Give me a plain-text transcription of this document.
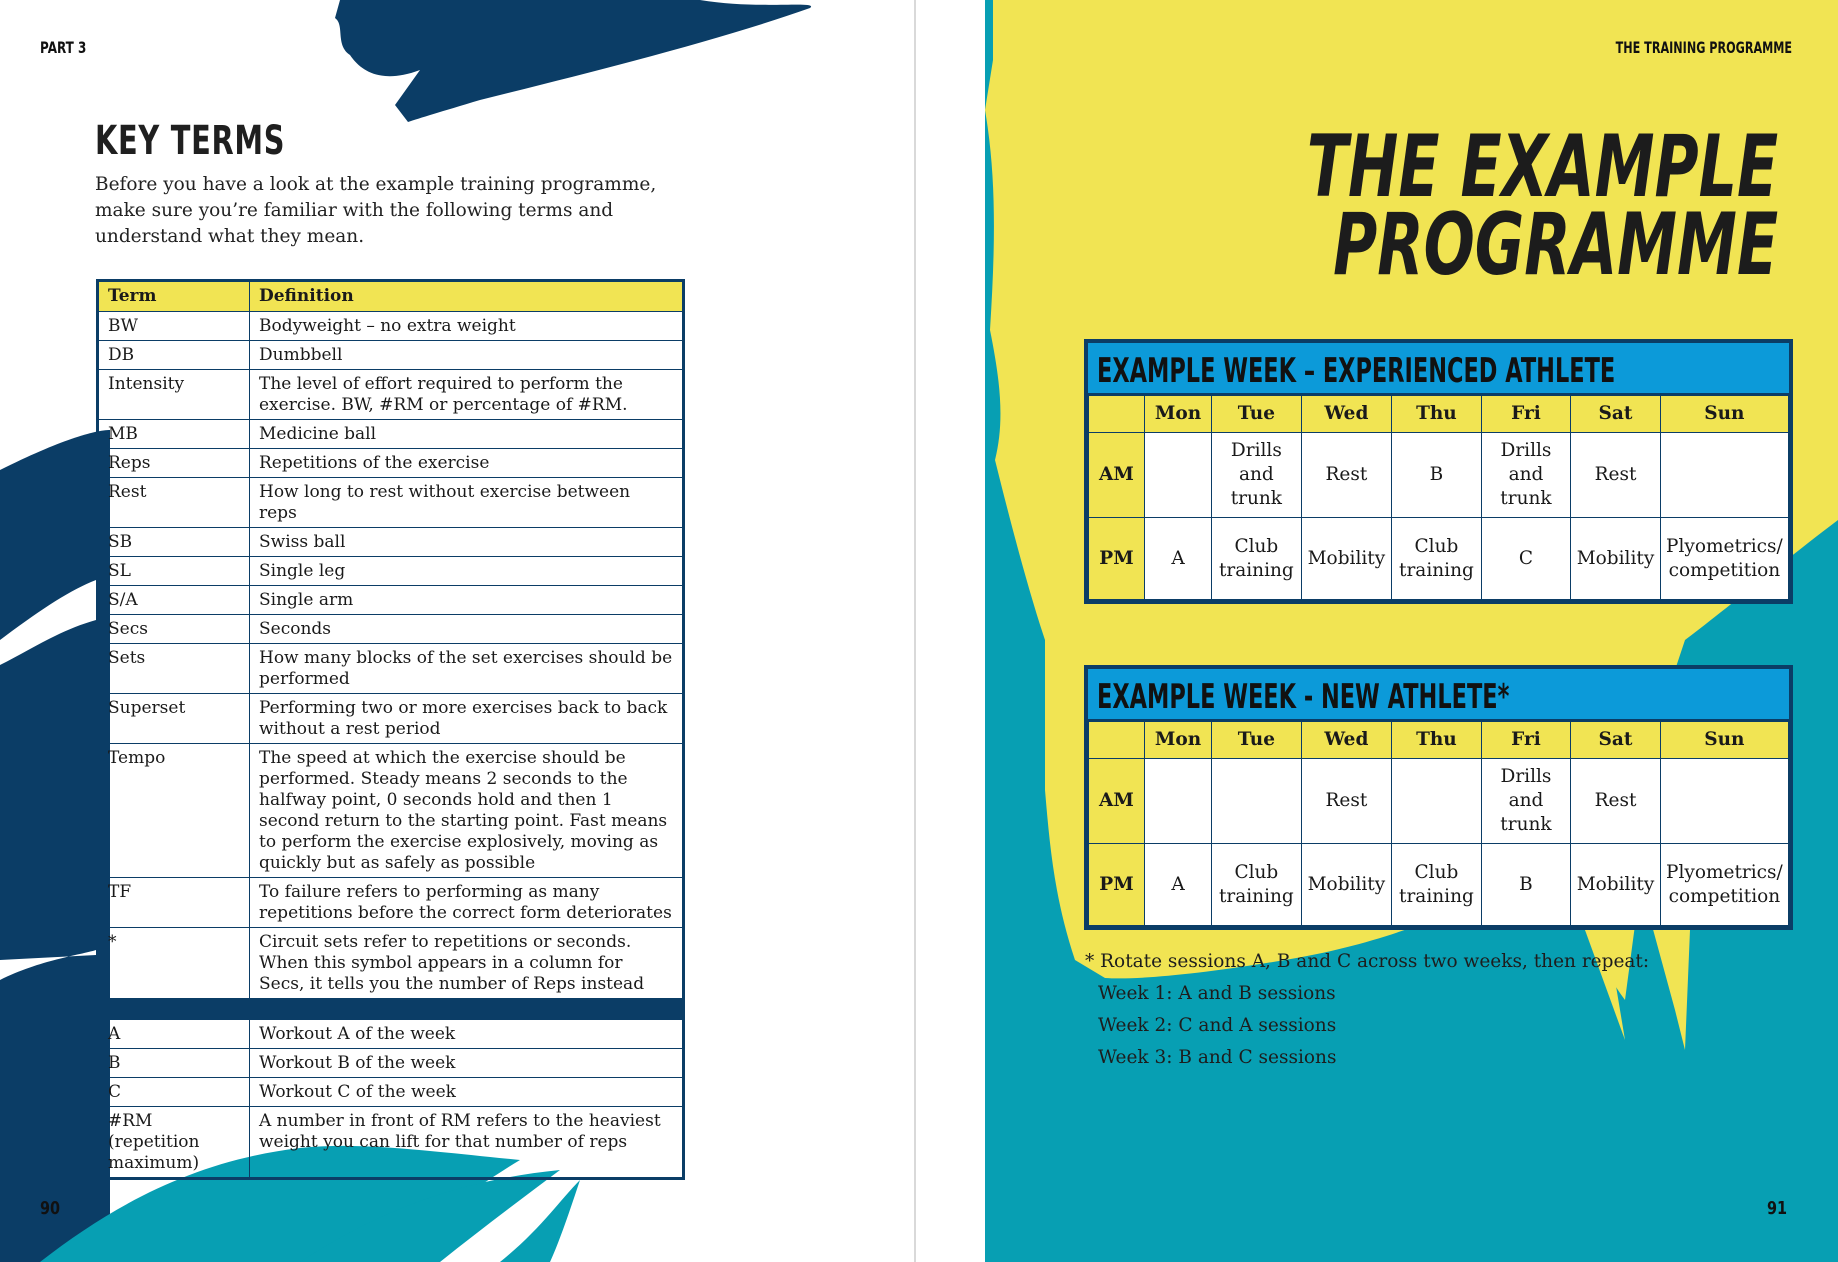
PART 3
KEY TERMS
Before you have a look at the example training programme, make sure you’re familiar with the following terms and understand what they mean.
Term	Definition
BW	Bodyweight – no extra weight
DB	Dumbbell
Intensity	The level of effort required to perform the exercise. BW, #RM or percentage of #RM.
MB	Medicine ball
Reps	Repetitions of the exercise
Rest	How long to rest without exercise between reps
SB	Swiss ball
SL	Single leg
S/A	Single arm
Secs	Seconds
Sets	How many blocks of the set exercises should be performed
Superset	Performing two or more exercises back to back without a rest period
Tempo	The speed at which the exercise should be performed. Steady means 2 seconds to the halfway point, 0 seconds hold and then 1 second return to the starting point. Fast means to perform the exercise explosively, moving as quickly but as safely as possible
TF	To failure refers to performing as many repetitions before the correct form deteriorates
*	Circuit sets refer to repetitions or seconds. When this symbol appears in a column for Secs, it tells you the number of Reps instead

A	Workout A of the week
B	Workout B of the week
C	Workout C of the week
#RM (repetition maximum)	A number in front of RM refers to the heaviest weight you can lift for that number of reps
90
THE TRAINING PROGRAMME
THE EXAMPLE
PROGRAMME
91
EXAMPLE WEEK – EXPERIENCED ATHLETE
	Mon	Tue	Wed	Thu	Fri	Sat	Sun
AM		Drills and trunk	Rest	B	Drills and trunk	Rest	
PM	A	Club training	Mobility	Club training	C	Mobility	Plyometrics/ competition
EXAMPLE WEEK - NEW ATHLETE*
	Mon	Tue	Wed	Thu	Fri	Sat	Sun
AM			Rest		Drills and trunk	Rest	
PM	A	Club training	Mobility	Club training	B	Mobility	Plyometrics/ competition
* Rotate sessions A, B and C across two weeks, then repeat:
Week 1: A and B sessions
Week 2: C and A sessions
Week 3: B and C sessions
